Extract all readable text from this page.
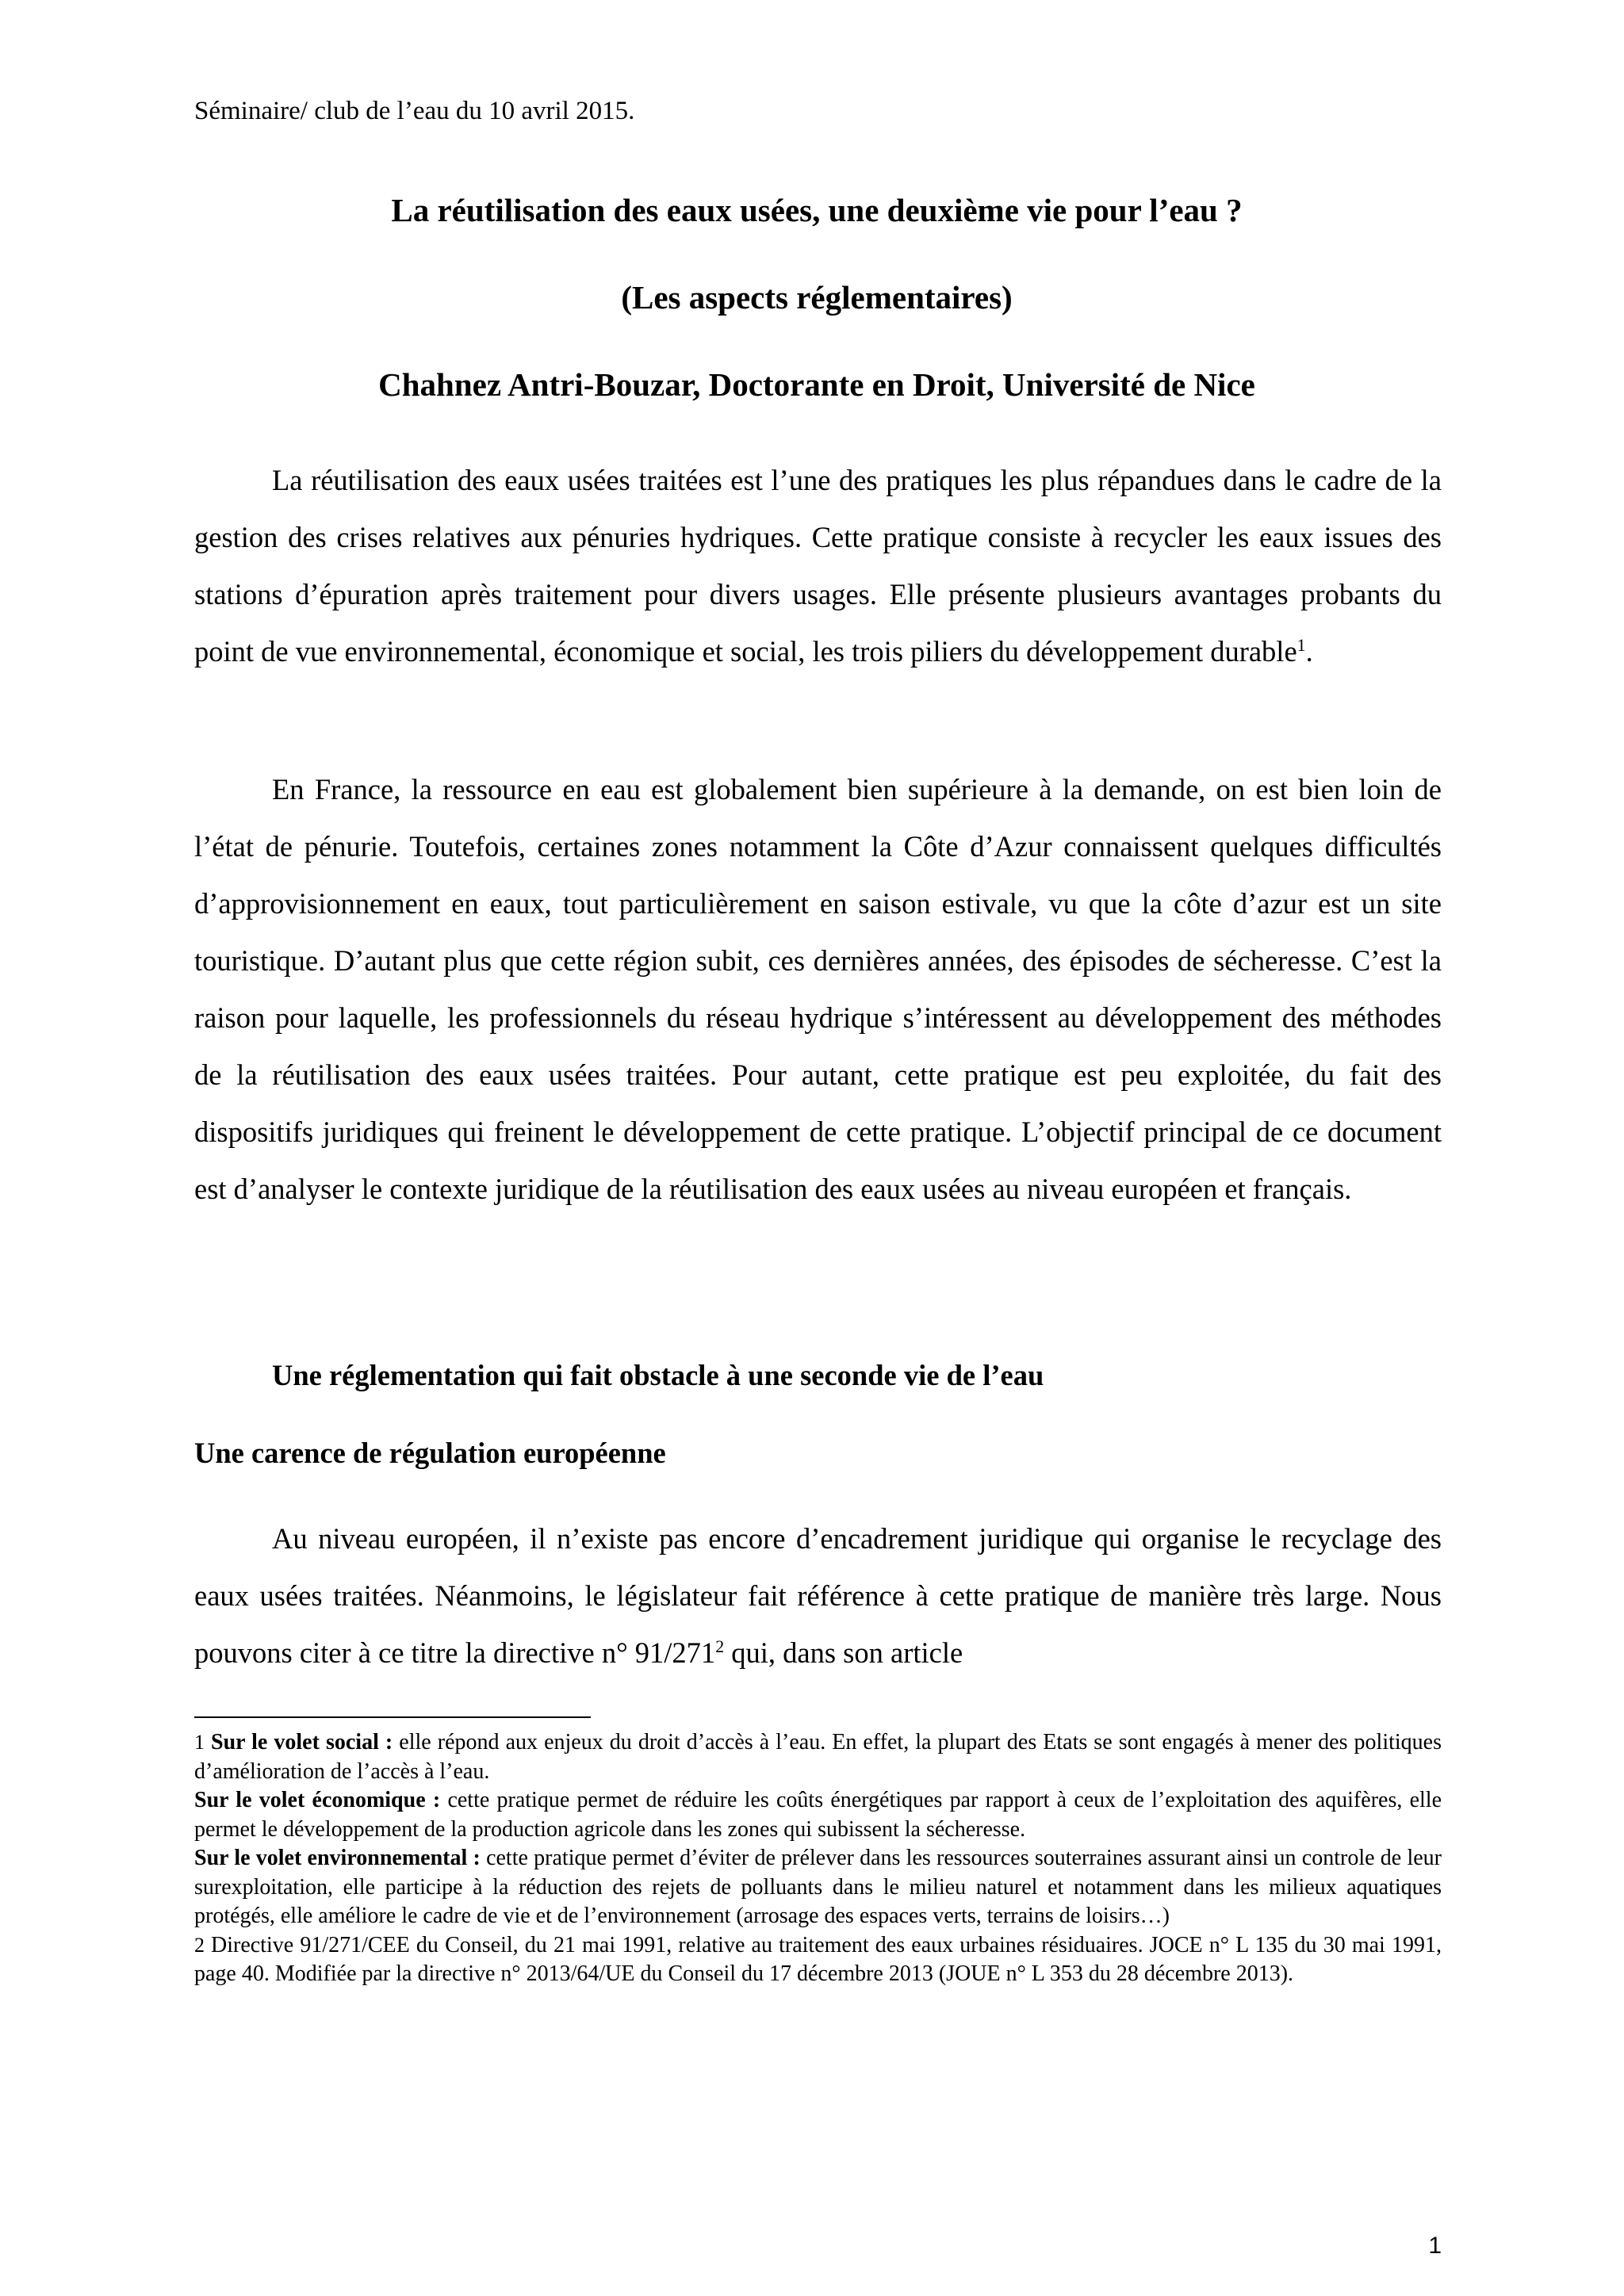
Séminaire/ club de l’eau du 10 avril 2015.
La réutilisation des eaux usées, une deuxième vie pour l’eau ?
(Les aspects réglementaires)
Chahnez Antri-Bouzar, Doctorante en Droit, Université de Nice

La réutilisation des eaux usées traitées est l’une des pratiques les plus répandues dans le cadre de la gestion des crises relatives aux pénuries hydriques. Cette pratique consiste à recycler les eaux issues des stations d’épuration après traitement pour divers usages. Elle présente plusieurs avantages probants du point de vue environnemental, économique et social, les trois piliers du développement durable$^1$.

En France, la ressource en eau est globalement bien supérieure à la demande, on est bien loin de l’état de pénurie. Toutefois, certaines zones notamment la Côte d’Azur connaissent quelques difficultés d’approvisionnement en eaux, tout particulièrement en saison estivale, vu que la côte d’azur est un site touristique. D’autant plus que cette région subit, ces dernières années, des épisodes de sécheresse. C’est la raison pour laquelle, les professionnels du réseau hydrique s’intéressent au développement des méthodes de la réutilisation des eaux usées traitées. Pour autant, cette pratique est peu exploitée, du fait des dispositifs juridiques qui freinent le développement de cette pratique. L’objectif principal de ce document est d’analyser le contexte juridique de la réutilisation des eaux usées au niveau européen et français.

Une réglementation qui fait obstacle à une seconde vie de l’eau

Une carence de régulation européenne

Au niveau européen, il n’existe pas encore d’encadrement juridique qui organise le recyclage des eaux usées traitées. Néanmoins, le législateur fait référence à cette pratique de manière très large. Nous pouvons citer à ce titre la directive n° $91/271^2$ qui, dans son article

1 Sur le volet social : elle répond aux enjeux du droit d’accès à l’eau. En effet, la plupart des Etats se sont engagés à mener des politiques d’amélioration de l’accès à l’eau.

Sur le volet économique : cette pratique permet de réduire les coûts énergétiques par rapport à ceux de l’exploitation des aquifères, elle permet le développement de la production agricole dans les zones qui subissent la sécheresse.

Sur le volet environnemental : cette pratique permet d’éviter de prélever dans les ressources souterraines assurant ainsi un controle de leur surexploitation, elle participe à la réduction des rejets de polluants dans le milieu naturel et notamment dans les milieux aquatiques protégés, elle améliore le cadre de vie et de l’environnement (arrosage des espaces verts, terrains de loisirs…)

2 Directive 91/271/CEE du Conseil, du 21 mai 1991, relative au traitement des eaux urbaines résiduaires. JOCE n° L 135 du 30 mai 1991, page 40. Modifiée par la directive n° 2013/64/UE du Conseil du 17 décembre 2013 (JOUE n° L 353 du 28 décembre 2013).

1
